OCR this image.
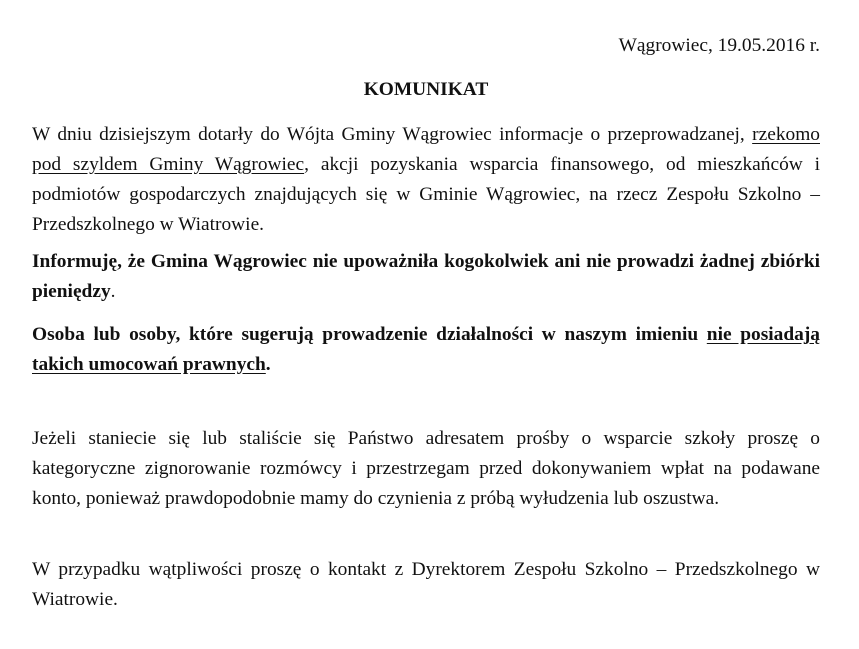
Wągrowiec, 19.05.2016 r.
KOMUNIKAT

W dniu dzisiejszym dotarły do Wójta Gminy Wągrowiec informacje o przeprowadzanej, rzekomo pod szyldem Gminy Wągrowiec, akcji pozyskania wsparcia finansowego, od mieszkańców i podmiotów gospodarczych znajdujących się w Gminie Wągrowiec, na rzecz Zespołu Szkolno – Przedszkolnego w Wiatrowie.

Informuję, że Gmina Wągrowiec nie upoważniła kogokolwiek ani nie prowadzi żadnej zbiórki pieniędzy.

Osoba lub osoby, które sugerują prowadzenie działalności w naszym imieniu nie posiadają takich umocowań prawnych.

Jeżeli staniecie się lub staliście się Państwo adresatem prośby o wsparcie szkoły proszę o kategoryczne zignorowanie rozmówcy i przestrzegam przed dokonywaniem wpłat na podawane konto, ponieważ prawdopodobnie mamy do czynienia z próbą wyłudzenia lub oszustwa.

W przypadku wątpliwości proszę o kontakt z Dyrektorem Zespołu Szkolno – Przedszkolnego w Wiatrowie.
